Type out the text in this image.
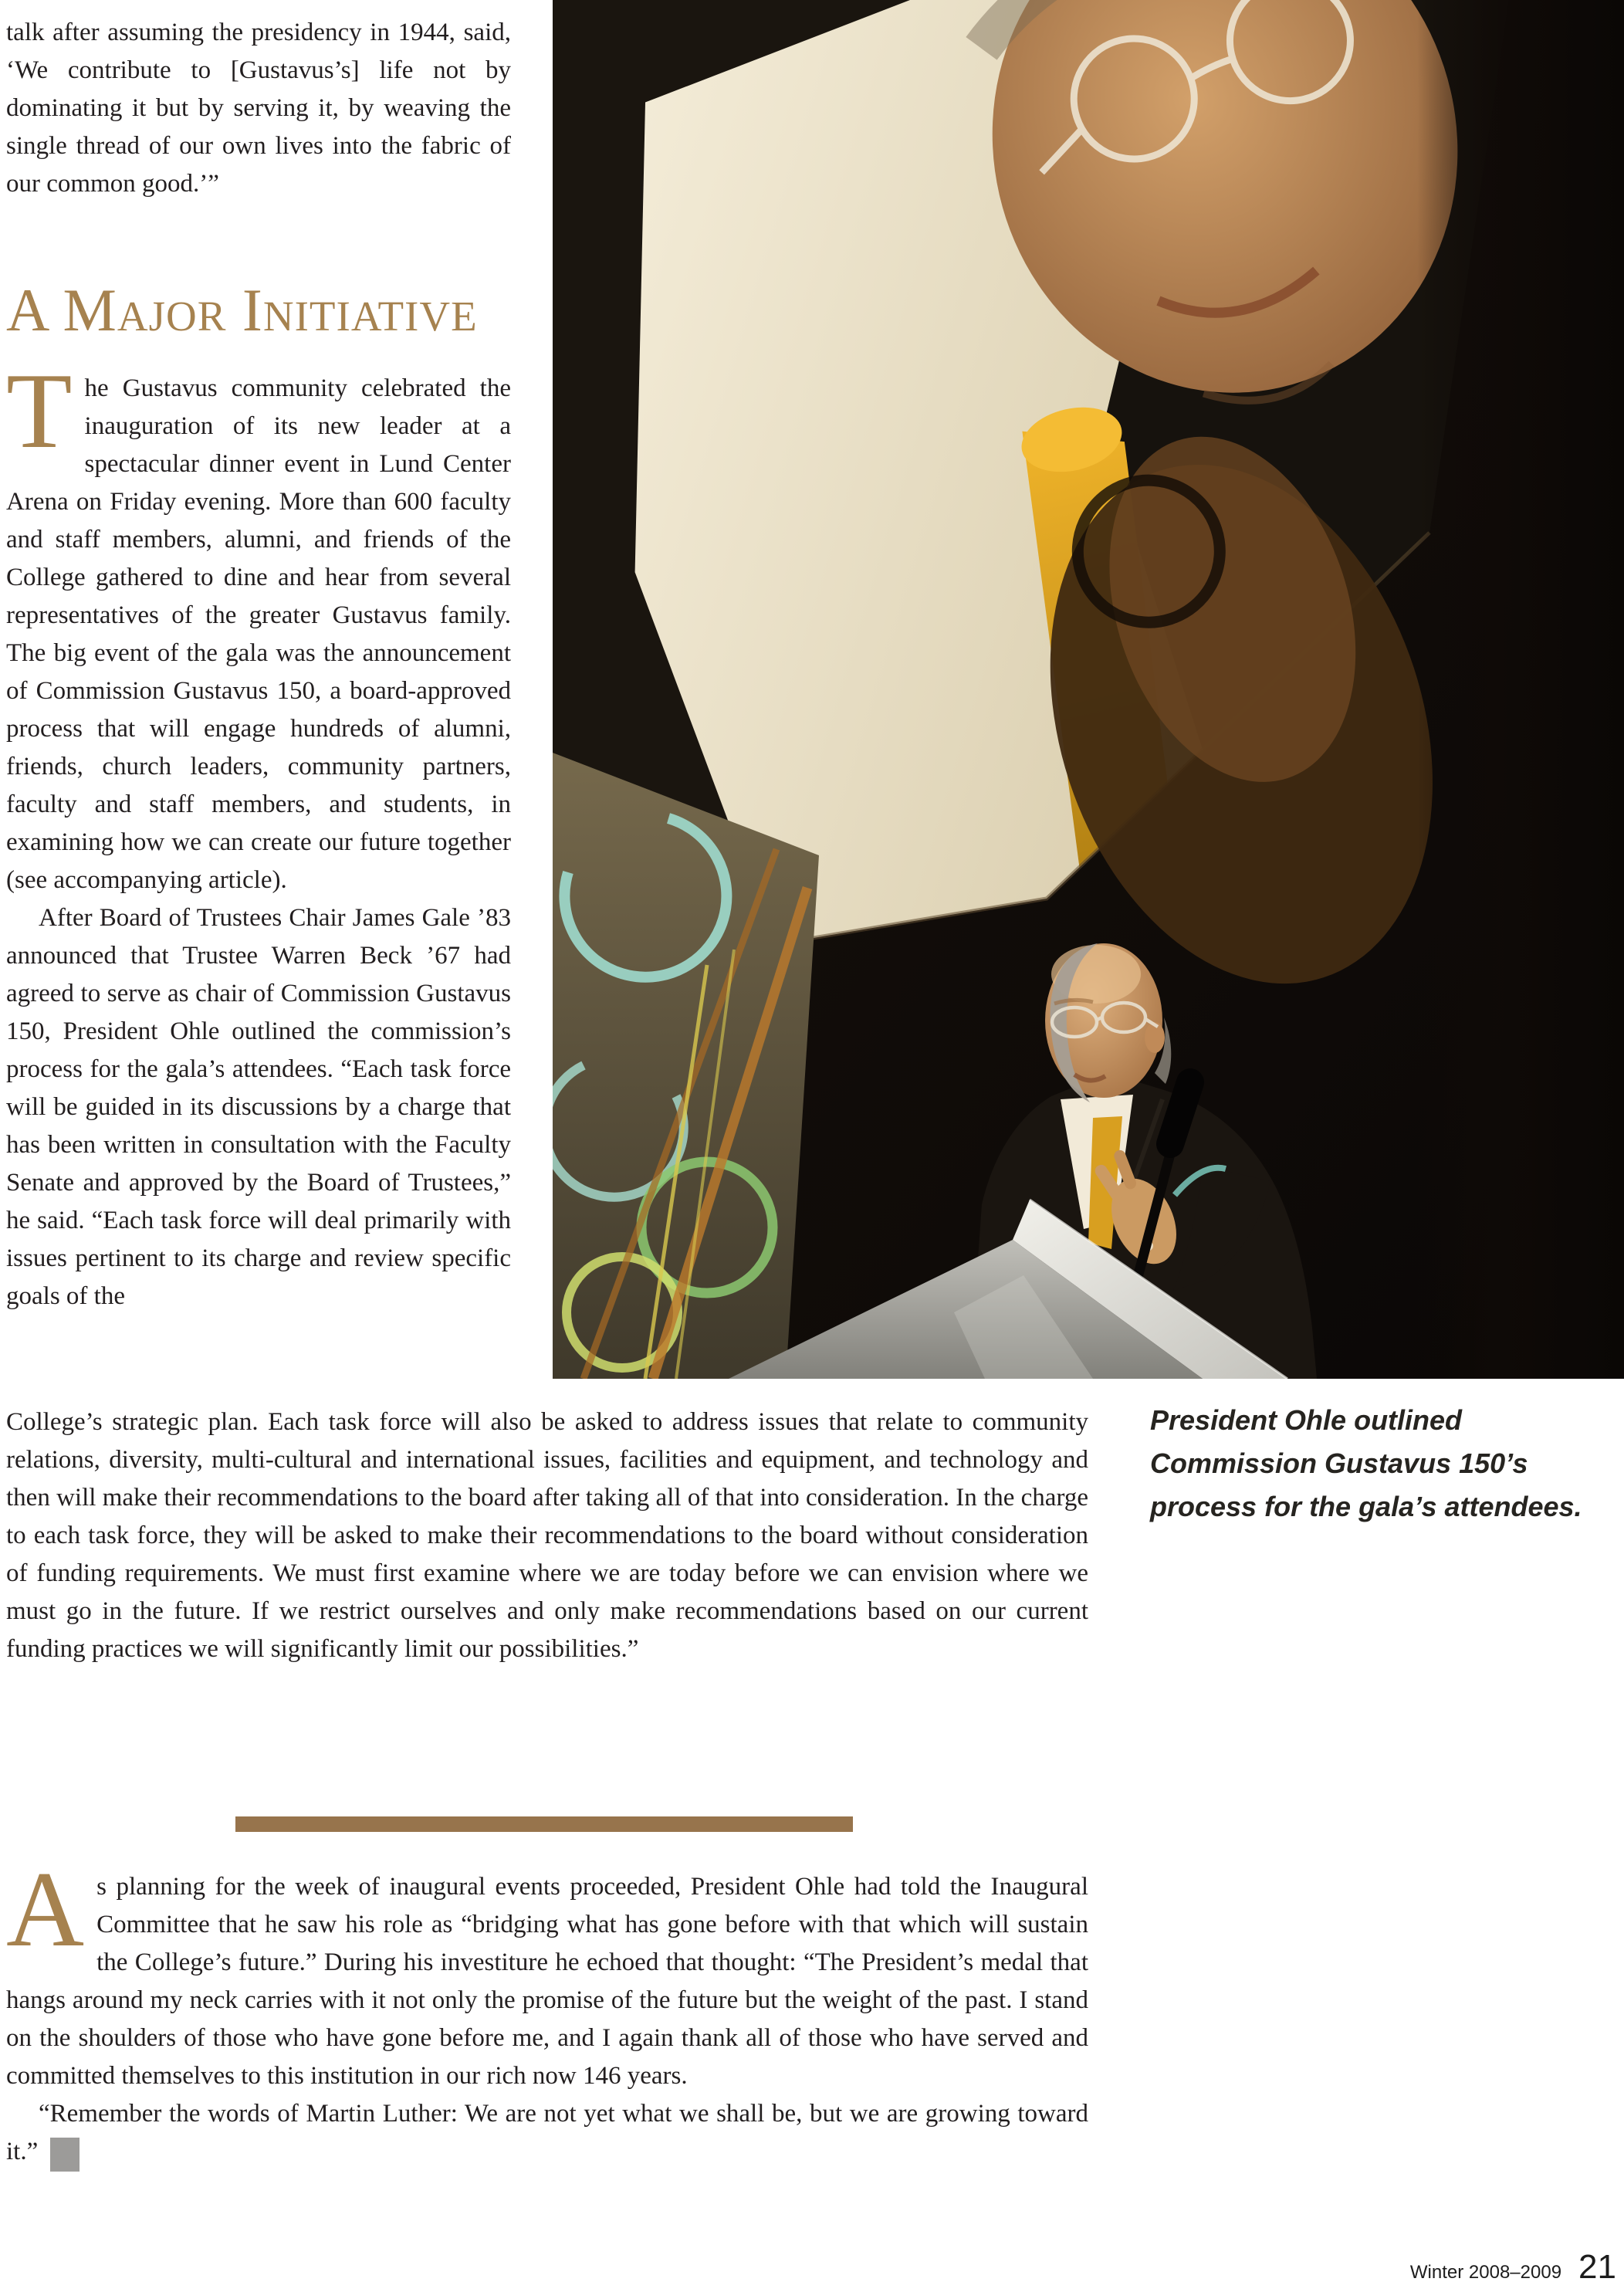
talk after assuming the presidency in 1944, said, ‘We contribute to [Gustavus’s] life not by dominating it but by serving it, by weaving the single thread of our own lives into the fabric of our common good.’”

A Major Initiative

The Gustavus community celebrated the inauguration of its new leader at a spectacular dinner event in Lund Center Arena on Friday evening. More than 600 faculty and staff members, alumni, and friends of the College gathered to dine and hear from several representatives of the greater Gustavus family. The big event of the gala was the announcement of Commission Gustavus 150, a board-approved process that will engage hundreds of alumni, friends, church leaders, community partners, faculty and staff members, and students, in examining how we can create our future together (see accompanying article).

After Board of Trustees Chair James Gale ’83 announced that Trustee Warren Beck ’67 had agreed to serve as chair of Commission Gustavus 150, President Ohle outlined the commission’s process for the gala’s attendees. “Each task force will be guided in its discussions by a charge that has been written in consultation with the Faculty Senate and approved by the Board of Trustees,” he said. “Each task force will deal primarily with issues pertinent to its charge and review specific goals of the

President Ohle outlined Commission Gustavus 150’s process for the gala’s attendees.

College’s strategic plan. Each task force will also be asked to address issues that relate to community relations, diversity, multi-cultural and international issues, facilities and equipment, and technology and then will make their recommendations to the board after taking all of that into consideration. In the charge to each task force, they will be asked to make their recommendations to the board without consideration of funding requirements. We must first examine where we are today before we can envision where we must go in the future. If we restrict ourselves and only make recommendations based on our current funding practices we will significantly limit our possibilities.”

As planning for the week of inaugural events proceeded, President Ohle had told the Inaugural Committee that he saw his role as “bridging what has gone before with that which will sustain the College’s future.” During his investiture he echoed that thought: “The President’s medal that hangs around my neck carries with it not only the promise of the future but the weight of the past. I stand on the shoulders of those who have gone before me, and I again thank all of those who have served and committed themselves to this institution in our rich now 146 years.

“Remember the words of Martin Luther: We are not yet what we shall be, but we are growing toward it.” G

Winter 2008–2009 21
